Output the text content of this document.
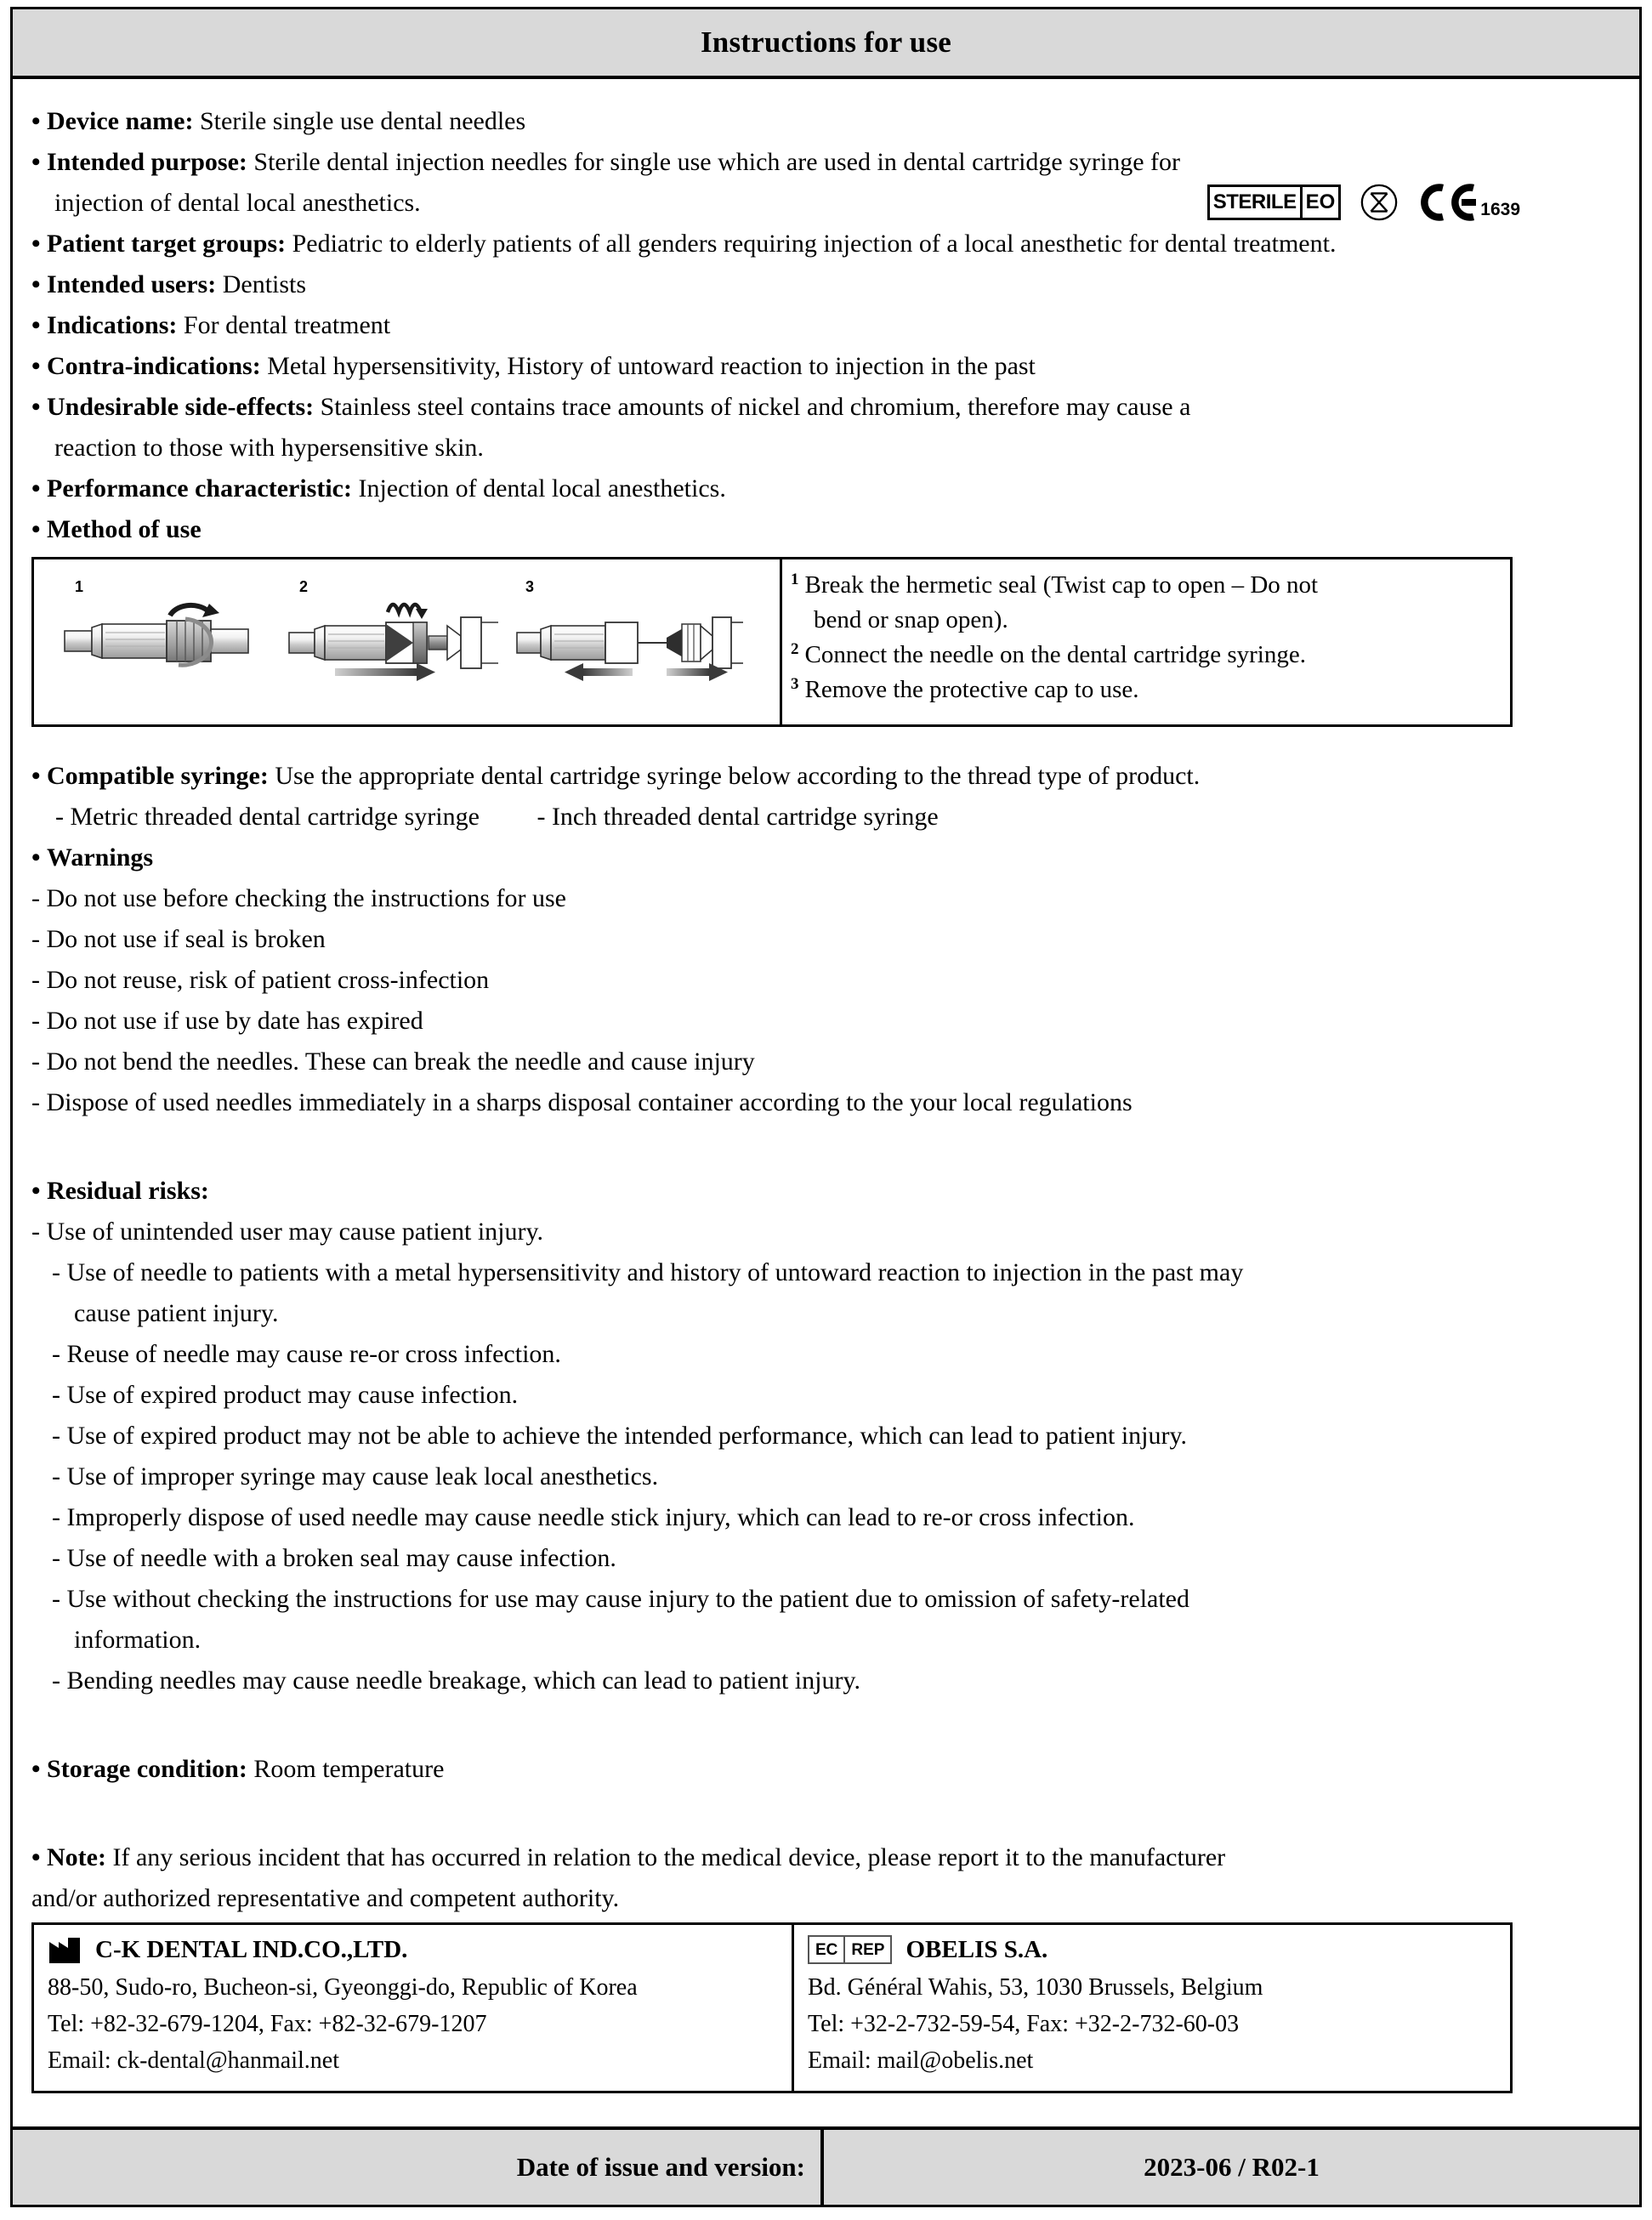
Instructions for use
STERILE EO	1639
• Device name: Sterile single use dental needles
• Intended purpose: Sterile dental injection needles for single use which are used in dental cartridge syringe for
injection of dental local anesthetics.
• Patient target groups: Pediatric to elderly patients of all genders requiring injection of a local anesthetic for dental treatment.
• Intended users: Dentists
• Indications: For dental treatment
• Contra-indications: Metal hypersensitivity, History of untoward reaction to injection in the past
• Undesirable side-effects: Stainless steel contains trace amounts of nickel and chromium, therefore may cause a
reaction to those with hypersensitive skin.
• Performance characteristic: Injection of dental local anesthetics.
• Method of use
1	2	3	1 Break the hermetic seal (Twist cap to open – Do not
bend or snap open).
2 Connect the needle on the dental cartridge syringe.
3 Remove the protective cap to use.
• Compatible syringe: Use the appropriate dental cartridge syringe below according to the thread type of product.
- Metric threaded dental cartridge syringe - Inch threaded dental cartridge syringe
• Warnings
- Do not use before checking the instructions for use
- Do not use if seal is broken
- Do not reuse, risk of patient cross-infection
- Do not use if use by date has expired
- Do not bend the needles. These can break the needle and cause injury
- Dispose of used needles immediately in a sharps disposal container according to the your local regulations
• Residual risks:
- Use of unintended user may cause patient injury.
- Use of needle to patients with a metal hypersensitivity and history of untoward reaction to injection in the past may
cause patient injury.
- Reuse of needle may cause re-or cross infection.
- Use of expired product may cause infection.
- Use of expired product may not be able to achieve the intended performance, which can lead to patient injury.
- Use of improper syringe may cause leak local anesthetics.
- Improperly dispose of used needle may cause needle stick injury, which can lead to re-or cross infection.
- Use of needle with a broken seal may cause infection.
- Use without checking the instructions for use may cause injury to the patient due to omission of safety-related
information.
- Bending needles may cause needle breakage, which can lead to patient injury.
• Storage condition: Room temperature
• Note: If any serious incident that has occurred in relation to the medical device, please report it to the manufacturer
and/or authorized representative and competent authority.
C-K DENTAL IND.CO.,LTD.
88-50, Sudo-ro, Bucheon-si, Gyeonggi-do, Republic of Korea
Tel: +82-32-679-1204, Fax: +82-32-679-1207
Email: ck-dental@hanmail.net
EC REP OBELIS S.A.
Bd. Général Wahis, 53, 1030 Brussels, Belgium
Tel: +32-2-732-59-54, Fax: +32-2-732-60-03
Email: mail@obelis.net
Date of issue and version:	2023-06 / R02-1
